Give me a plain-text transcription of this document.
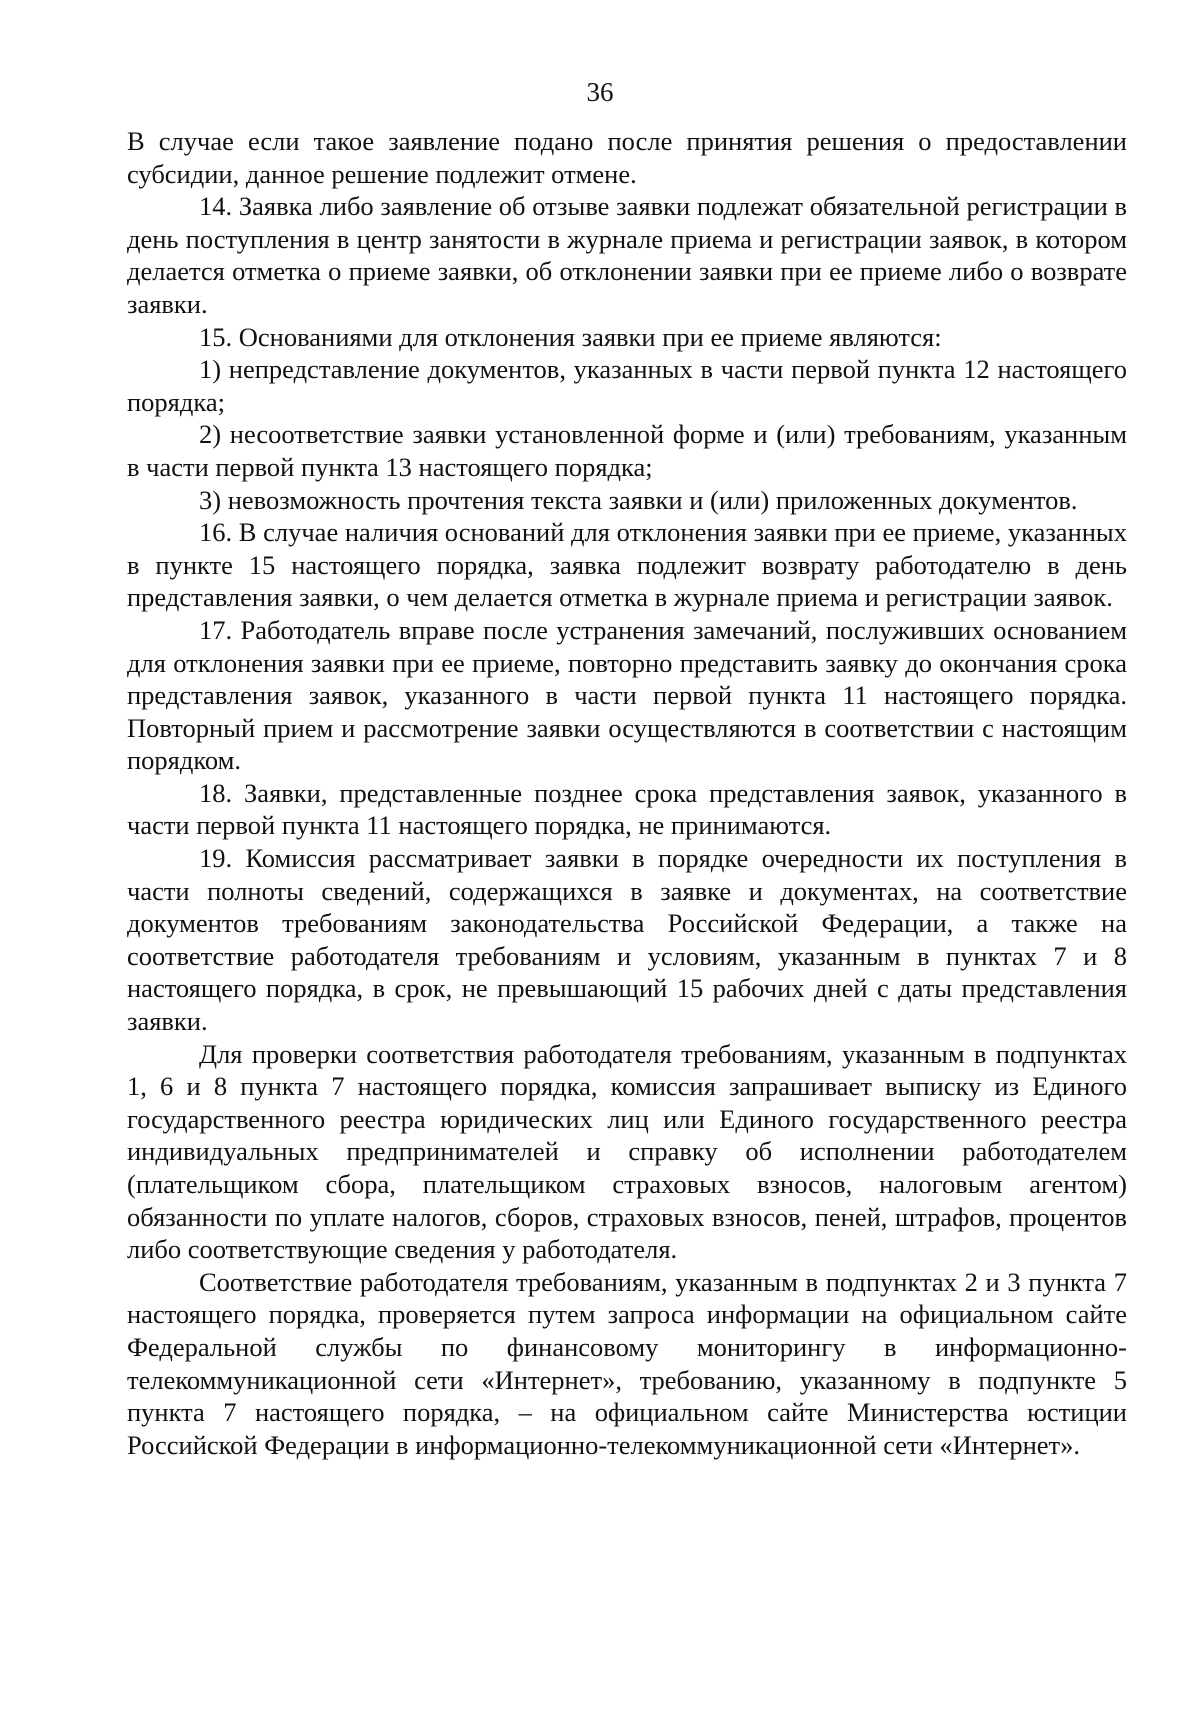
36

В случае если такое заявление подано после принятия решения о предоставлении субсидии, данное решение подлежит отмене.

14. Заявка либо заявление об отзыве заявки подлежат обязательной регистрации в день поступления в центр занятости в журнале приема и регистрации заявок, в котором делается отметка о приеме заявки, об отклонении заявки при ее приеме либо о возврате заявки.

15. Основаниями для отклонения заявки при ее приеме являются:

1) непредставление документов, указанных в части первой пункта 12 настоящего порядка;

2) несоответствие заявки установленной форме и (или) требованиям, указанным в части первой пункта 13 настоящего порядка;

3) невозможность прочтения текста заявки и (или) приложенных документов.

16. В случае наличия оснований для отклонения заявки при ее приеме, указанных в пункте 15 настоящего порядка, заявка подлежит возврату работодателю в день представления заявки, о чем делается отметка в журнале приема и регистрации заявок.

17. Работодатель вправе после устранения замечаний, послуживших основанием для отклонения заявки при ее приеме, повторно представить заявку до окончания срока представления заявок, указанного в части первой пункта 11 настоящего порядка. Повторный прием и рассмотрение заявки осуществляются в соответствии с настоящим порядком.

18. Заявки, представленные позднее срока представления заявок, указанного в части первой пункта 11 настоящего порядка, не принимаются.

19. Комиссия рассматривает заявки в порядке очередности их поступления в части полноты сведений, содержащихся в заявке и документах, на соответствие документов требованиям законодательства Российской Федерации, а также на соответствие работодателя требованиям и условиям, указанным в пунктах 7 и 8 настоящего порядка, в срок, не превышающий 15 рабочих дней с даты представления заявки.

Для проверки соответствия работодателя требованиям, указанным в подпунктах 1, 6 и 8 пункта 7 настоящего порядка, комиссия запрашивает выписку из Единого государственного реестра юридических лиц или Единого государственного реестра индивидуальных предпринимателей и справку об исполнении работодателем (плательщиком сбора, плательщиком страховых взносов, налоговым агентом) обязанности по уплате налогов, сборов, страховых взносов, пеней, штрафов, процентов либо соответствующие сведения у работодателя.

Соответствие работодателя требованиям, указанным в подпунктах 2 и 3 пункта 7 настоящего порядка, проверяется путем запроса информации на официальном сайте Федеральной службы по финансовому мониторингу в информационно-телекоммуникационной сети «Интернет», требованию, указанному в подпункте 5 пункта 7 настоящего порядка, – на официальном сайте Министерства юстиции Российской Федерации в информационно-телекоммуникационной сети «Интернет».
